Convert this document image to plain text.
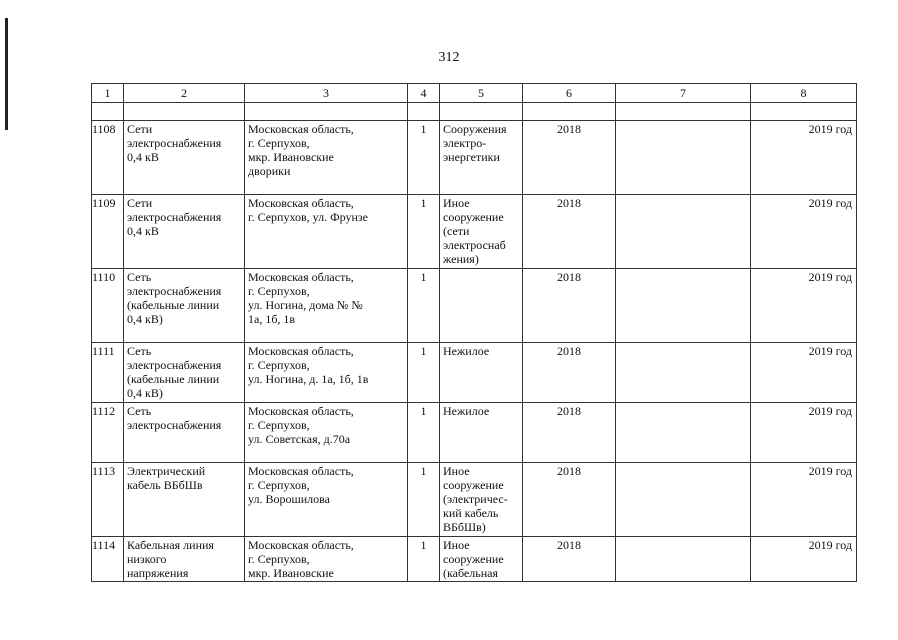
312
1	2	3	4	5	6	7	8

1108	Сети
электроснабжения
0,4 кВ	Московская область,
г. Серпухов,
мкр. Ивановские
дворики	1	Сооружения
электро-
энергетики	2018		2019 год

1109	Сети
электроснабжения
0,4 кВ	Московская область,
г. Серпухов, ул. Фрунзе	1	Иное
сооружение
(сети
электроснаб
жения)	2018		2019 год

1110	Сеть
электроснабжения
(кабельные линии
0,4 кВ)	Московская область,
г. Серпухов,
ул. Ногина, дома № №
1а, 1б, 1в	1		2018		2019 год

1111	Сеть
электроснабжения
(кабельные линии
0,4 кВ)	Московская область,
г. Серпухов,
ул. Ногина, д. 1а, 1б, 1в	1	Нежилое	2018		2019 год

1112	Сеть
электроснабжения	Московская область,
г. Серпухов,
ул. Советская, д.70а	1	Нежилое	2018		2019 год

1113	Электрический
кабель ВБбШв	Московская область,
г. Серпухов,
ул. Ворошилова	1	Иное
сооружение
(электричес-
кий кабель
ВБбШв)	2018		2019 год

1114	Кабельная линия
низкого
напряжения	Московская область,
г. Серпухов,
мкр. Ивановские	1	Иное
сооружение
(кабельная	2018		2019 год
